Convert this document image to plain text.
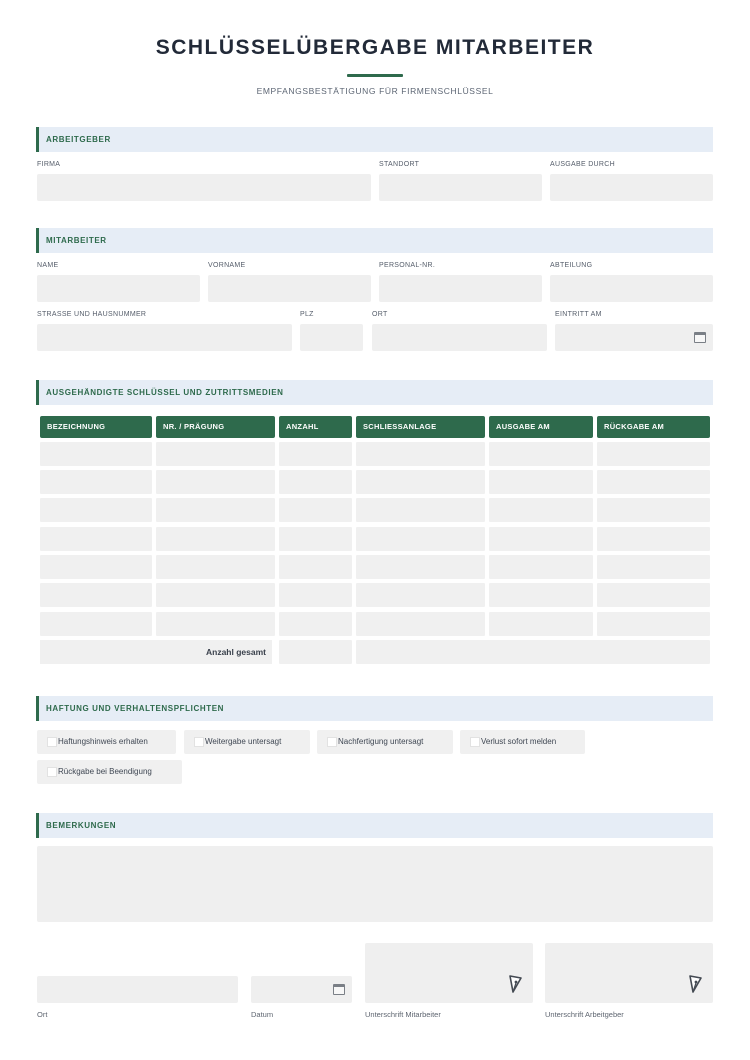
SCHLÜSSELÜBERGABE MITARBEITER
EMPFANGSBESTÄTIGUNG FÜR FIRMENSCHLÜSSEL
ARBEITGEBER
FIRMA	STANDORT	AUSGABE DURCH
MITARBEITER
NAME	VORNAME	PERSONAL-NR.	ABTEILUNG
STRASSE UND HAUSNUMMER	PLZ	ORT	EINTRITT AM
AUSGEHÄNDIGTE SCHLÜSSEL UND ZUTRITTSMEDIEN
BEZEICHNUNG	NR. / PRÄGUNG	ANZAHL	SCHLIESSANLAGE	AUSGABE AM	RÜCKGABE AM
Anzahl gesamt
HAFTUNG UND VERHALTENSPFLICHTEN
Haftungshinweis erhalten	Weitergabe untersagt	Nachfertigung untersagt	Verlust sofort melden
Rückgabe bei Beendigung
BEMERKUNGEN
Ort	Datum	Unterschrift Mitarbeiter	Unterschrift Arbeitgeber
